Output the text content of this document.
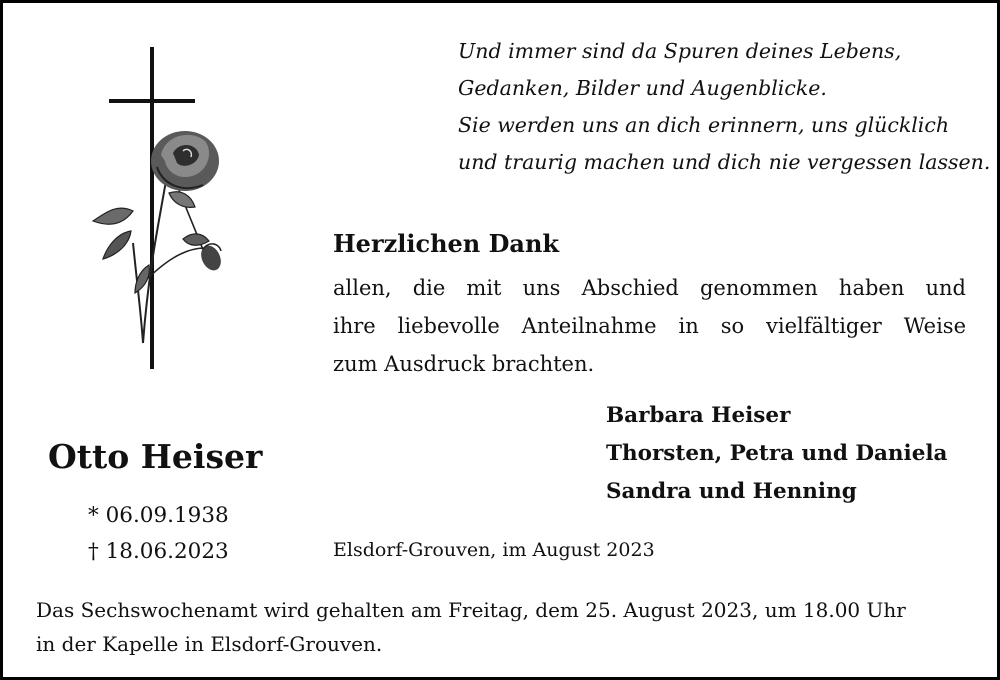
Und immer sind da Spuren deines Lebens,
Gedanken, Bilder und Augenblicke.
Sie werden uns an dich erinnern, uns glücklich
und traurig machen und dich nie vergessen lassen.
Herzlichen Dank
allen, die mit uns Abschied genommen haben und
ihre liebevolle Anteilnahme in so vielfältiger Weise
zum Ausdruck brachten.
Barbara Heiser
Thorsten, Petra und Daniela
Sandra und Henning
Otto Heiser
* 06.09.1938
† 18.06.2023	Elsdorf-Grouven, im August 2023
Das Sechswochenamt wird gehalten am Freitag, dem 25. August 2023, um 18.00 Uhr
in der Kapelle in Elsdorf-Grouven.
